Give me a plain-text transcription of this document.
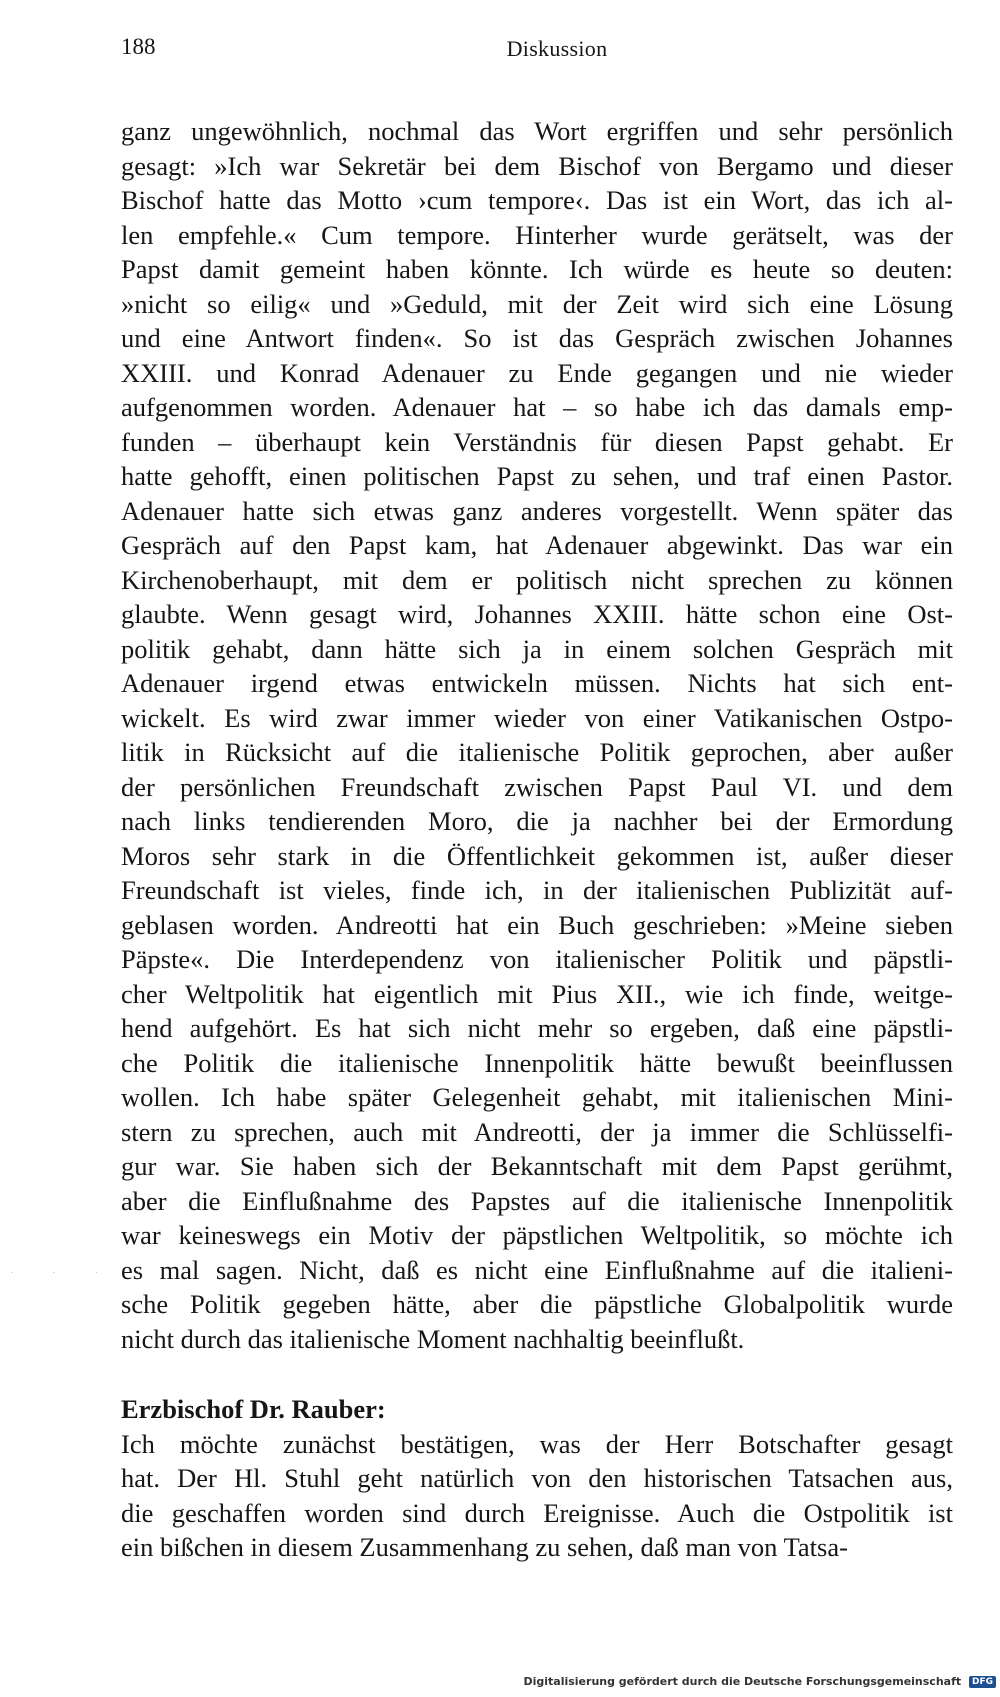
188	Diskussion
ganz ungewöhnlich, nochmal das Wort ergriffen und sehr persönlich
gesagt: »Ich war Sekretär bei dem Bischof von Bergamo und dieser
Bischof hatte das Motto ›cum tempore‹. Das ist ein Wort, das ich al-
len empfehle.« Cum tempore. Hinterher wurde gerätselt, was der
Papst damit gemeint haben könnte. Ich würde es heute so deuten:
»nicht so eilig« und »Geduld, mit der Zeit wird sich eine Lösung
und eine Antwort finden«. So ist das Gespräch zwischen Johannes
XXIII. und Konrad Adenauer zu Ende gegangen und nie wieder
aufgenommen worden. Adenauer hat – so habe ich das damals emp-
funden – überhaupt kein Verständnis für diesen Papst gehabt. Er
hatte gehofft, einen politischen Papst zu sehen, und traf einen Pastor.
Adenauer hatte sich etwas ganz anderes vorgestellt. Wenn später das
Gespräch auf den Papst kam, hat Adenauer abgewinkt. Das war ein
Kirchenoberhaupt, mit dem er politisch nicht sprechen zu können
glaubte. Wenn gesagt wird, Johannes XXIII. hätte schon eine Ost-
politik gehabt, dann hätte sich ja in einem solchen Gespräch mit
Adenauer irgend etwas entwickeln müssen. Nichts hat sich ent-
wickelt. Es wird zwar immer wieder von einer Vatikanischen Ostpo-
litik in Rücksicht auf die italienische Politik geprochen, aber außer
der persönlichen Freundschaft zwischen Papst Paul VI. und dem
nach links tendierenden Moro, die ja nachher bei der Ermordung
Moros sehr stark in die Öffentlichkeit gekommen ist, außer dieser
Freundschaft ist vieles, finde ich, in der italienischen Publizität auf-
geblasen worden. Andreotti hat ein Buch geschrieben: »Meine sieben
Päpste«. Die Interdependenz von italienischer Politik und päpstli-
cher Weltpolitik hat eigentlich mit Pius XII., wie ich finde, weitge-
hend aufgehört. Es hat sich nicht mehr so ergeben, daß eine päpstli-
che Politik die italienische Innenpolitik hätte bewußt beeinflussen
wollen. Ich habe später Gelegenheit gehabt, mit italienischen Mini-
stern zu sprechen, auch mit Andreotti, der ja immer die Schlüsselfi-
gur war. Sie haben sich der Bekanntschaft mit dem Papst gerühmt,
aber die Einflußnahme des Papstes auf die italienische Innenpolitik
war keineswegs ein Motiv der päpstlichen Weltpolitik, so möchte ich
es mal sagen. Nicht, daß es nicht eine Einflußnahme auf die italieni-
sche Politik gegeben hätte, aber die päpstliche Globalpolitik wurde
nicht durch das italienische Moment nachhaltig beeinflußt.
Erzbischof Dr. Rauber:
Ich möchte zunächst bestätigen, was der Herr Botschafter gesagt
hat. Der Hl. Stuhl geht natürlich von den historischen Tatsachen aus,
die geschaffen worden sind durch Ereignisse. Auch die Ostpolitik ist
ein bißchen in diesem Zusammenhang zu sehen, daß man von Tatsa-
· · · ·
Digitalisierung gefördert durch die Deutsche Forschungsgemeinschaft DFG
